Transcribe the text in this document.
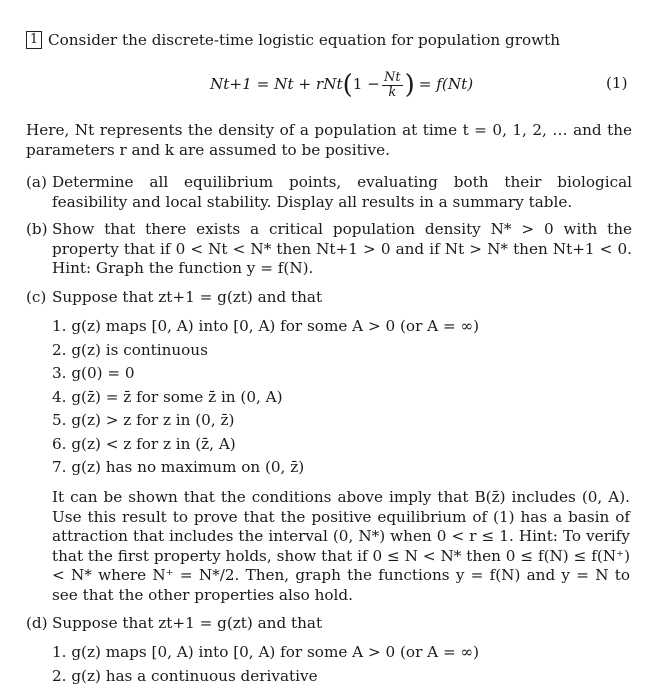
1 Consider the discrete-time logistic equation for population growth
Nt+1 = Nt + rNt ( $1 - \frac{Nt}{k}$ ) = f(Nt)	(1)
Here, Nt represents the density of a population at time t = 0, 1, 2, … and the parameters r and k are assumed to be positive.
(a) Determine all equilibrium points, evaluating both their biological feasibility and local stability. Display all results in a summary table.
(b) Show that there exists a critical population density N* > 0 with the property that if 0 < Nt < N* then Nt+1 > 0 and if Nt > N* then Nt+1 < 0. Hint: Graph the function y = f(N).
(c) Suppose that zt+1 = g(zt) and that
1. g(z) maps [0, A) into [0, A) for some A > 0 (or A = ∞)
2. g(z) is continuous
3. g(0) = 0
4. g(z̄) = z̄ for some z̄ in (0, A)
5. g(z) > z for z in (0, z̄)
6. g(z) < z for z in (z̄, A)
7. g(z) has no maximum on (0, z̄)
It can be shown that the conditions above imply that B(z̄) includes (0, A). Use this result to prove that the positive equilibrium of (1) has a basin of attraction that includes the interval (0, N*) when 0 < r ≤ 1. Hint: To verify that the first property holds, show that if 0 ≤ N < N* then 0 ≤ f(N) ≤ f(N⁺) < N* where N⁺ = N*/2. Then, graph the functions y = f(N) and y = N to see that the other properties also hold.
(d) Suppose that zt+1 = g(zt) and that
1. g(z) maps [0, A) into [0, A) for some A > 0 (or A = ∞)
2. g(z) has a continuous derivative
